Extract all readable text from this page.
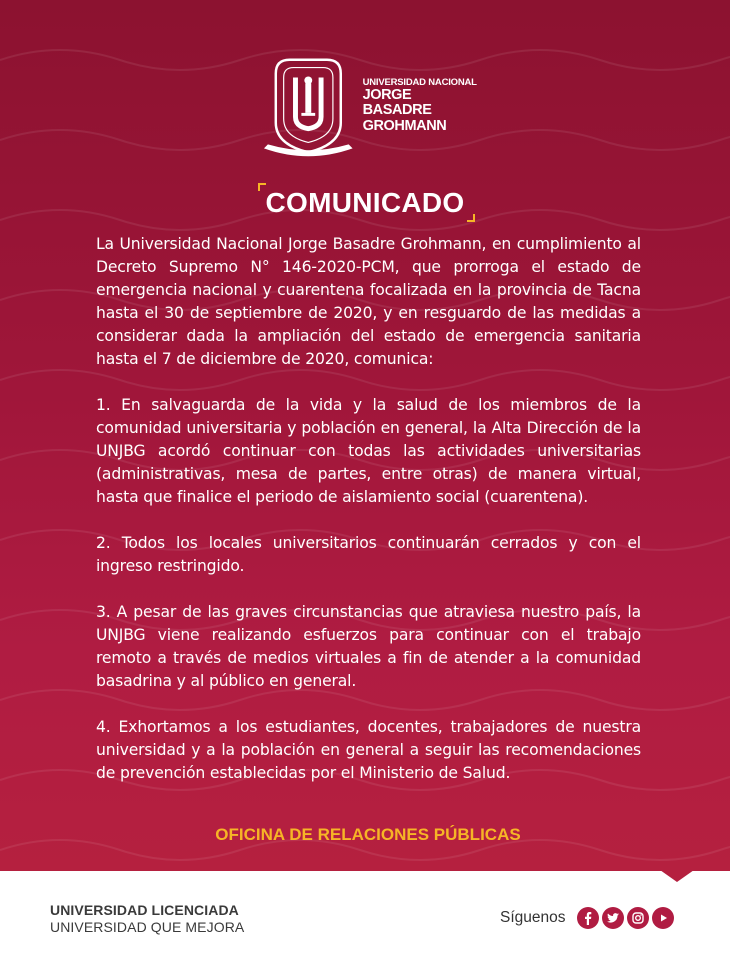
UNIVERSIDAD NACIONAL
JORGE BASADRE
GROHMANN
COMUNICADO

La Universidad Nacional Jorge Basadre Grohmann, en cumplimiento al Decreto Supremo N° 146-2020-PCM, que prorroga el estado de emergencia nacional y cuarentena focalizada en la provincia de Tacna hasta el 30 de septiembre de 2020, y en resguardo de las medidas a considerar dada la ampliación del estado de emergencia sanitaria hasta el 7 de diciembre de 2020, comunica:

1. En salvaguarda de la vida y la salud de los miembros de la comunidad universitaria y población en general, la Alta Dirección de la UNJBG acordó continuar con todas las actividades universitarias (administrativas, mesa de partes, entre otras) de manera virtual, hasta que finalice el periodo de aislamiento social (cuarentena).

2. Todos los locales universitarios continuarán cerrados y con el ingreso restringido.

3. A pesar de las graves circunstancias que atraviesa nuestro país, la UNJBG viene realizando esfuerzos para continuar con el trabajo remoto a través de medios virtuales a fin de atender a la comunidad basadrina y al público en general.

4. Exhortamos a los estudiantes, docentes, trabajadores de nuestra universidad y a la población en general a seguir las recomendaciones de prevención establecidas por el Ministerio de Salud.

OFICINA DE RELACIONES PÚBLICAS
UNIVERSIDAD LICENCIADA
UNIVERSIDAD QUE MEJORA
Síguenos
